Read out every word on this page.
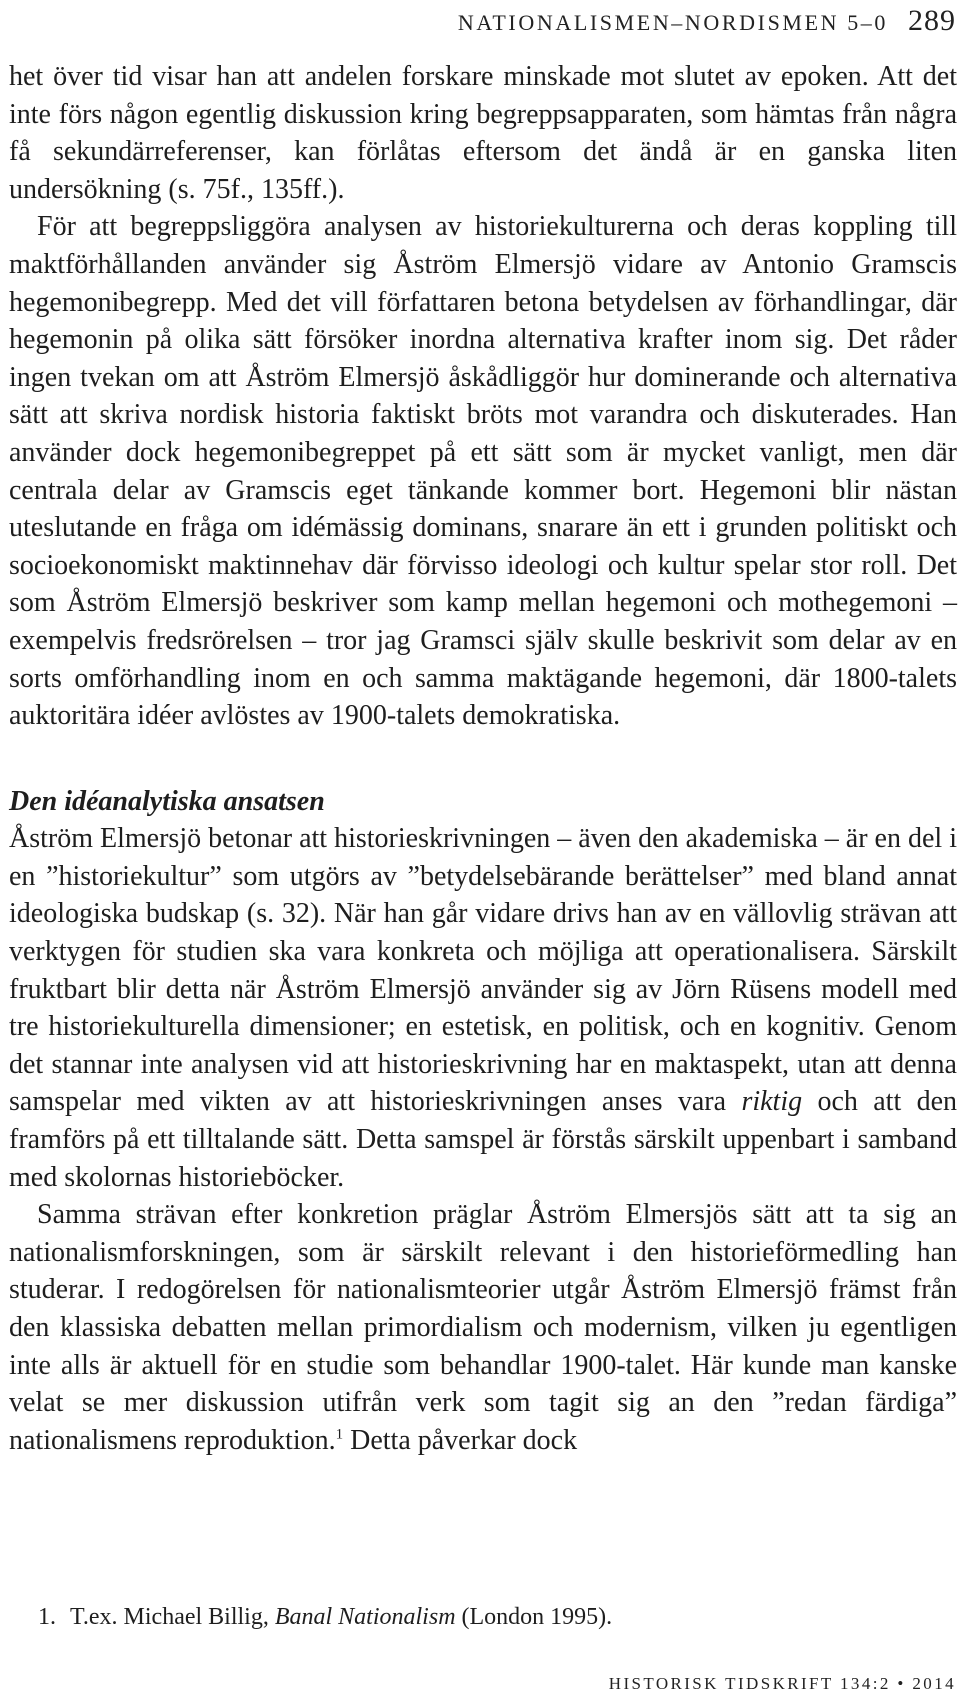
NATIONALISMEN–NORDISMEN 5–0 289

het över tid visar han att andelen forskare minskade mot slutet av epoken. Att det inte förs någon egentlig diskussion kring begreppsapparaten, som hämtas från några få sekundärreferenser, kan förlåtas eftersom det ändå är en ganska liten undersökning (s. 75f., 135ff.).

För att begreppsliggöra analysen av historiekulturerna och deras koppling till maktförhållanden använder sig Åström Elmersjö vidare av Antonio Gramscis hegemonibegrepp. Med det vill författaren betona betydelsen av förhandlingar, där hegemonin på olika sätt försöker inordna alternativa krafter inom sig. Det råder ingen tvekan om att Åström Elmersjö åskådliggör hur dominerande och alternativa sätt att skriva nordisk historia faktiskt bröts mot varandra och diskuterades. Han använder dock hegemonibegreppet på ett sätt som är mycket vanligt, men där centrala delar av Gramscis eget tänkande kommer bort. Hegemoni blir nästan uteslutande en fråga om idémässig dominans, snarare än ett i grunden politiskt och socioekonomiskt maktinnehav där förvisso ideologi och kultur spelar stor roll. Det som Åström Elmersjö beskriver som kamp mellan hegemoni och mothegemoni – exempelvis fredsrörelsen – tror jag Gramsci själv skulle beskrivit som delar av en sorts omförhandling inom en och samma maktägande hegemoni, där 1800-talets auktoritära idéer avlöstes av 1900-talets demokratiska.

Den idéanalytiska ansatsen

Åström Elmersjö betonar att historieskrivningen – även den akademiska – är en del i en ”historiekultur” som utgörs av ”betydelsebärande berättelser” med bland annat ideologiska budskap (s. 32). När han går vidare drivs han av en vällovlig strävan att verktygen för studien ska vara konkreta och möjliga att operationalisera. Särskilt fruktbart blir detta när Åström Elmersjö använder sig av Jörn Rüsens modell med tre historiekulturella dimensioner; en estetisk, en politisk, och en kognitiv. Genom det stannar inte analysen vid att historieskrivning har en maktaspekt, utan att denna samspelar med vikten av att historieskrivningen anses vara riktig och att den framförs på ett tilltalande sätt. Detta samspel är förstås särskilt uppenbart i samband med skolornas historieböcker.

Samma strävan efter konkretion präglar Åström Elmersjös sätt att ta sig an nationalismforskningen, som är särskilt relevant i den historieförmedling han studerar. I redogörelsen för nationalismteorier utgår Åström Elmersjö främst från den klassiska debatten mellan primordialism och modernism, vilken ju egentligen inte alls är aktuell för en studie som behandlar 1900-talet. Här kunde man kanske velat se mer diskussion utifrån verk som tagit sig an den ”redan färdiga” nationalismens reproduktion.$^1$ Detta påverkar dock

1. T.ex. Michael Billig, Banal Nationalism (London 1995).
HISTORISK TIDSKRIFT 134:2 • 2014
